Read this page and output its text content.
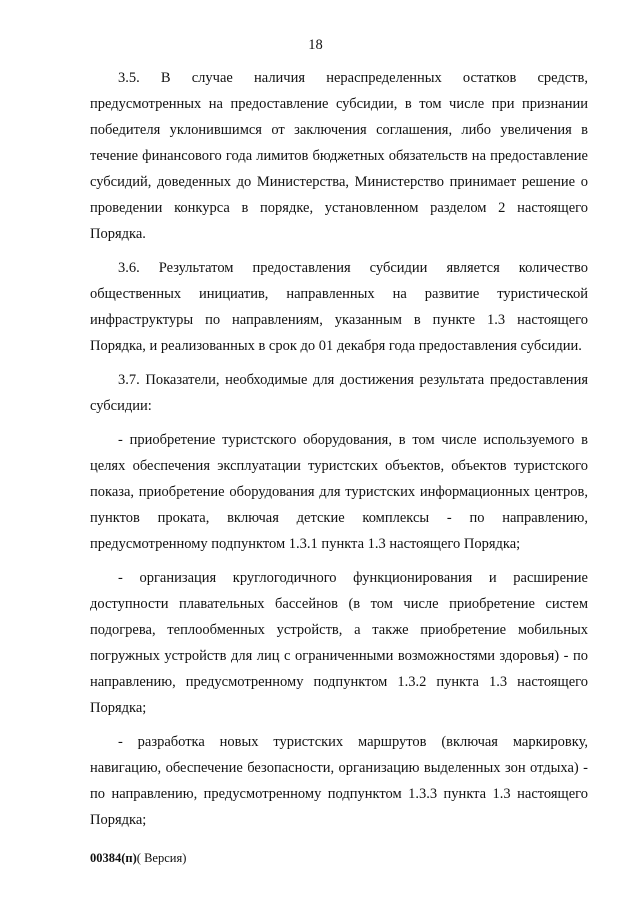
18

3.5. В случае наличия нераспределенных остатков средств, предусмотренных на предоставление субсидии, в том числе при признании победителя уклонившимся от заключения соглашения, либо увеличения в течение финансового года лимитов бюджетных обязательств на предоставление субсидий, доведенных до Министерства, Министерство принимает решение о проведении конкурса в порядке, установленном разделом 2 настоящего Порядка.

3.6. Результатом предоставления субсидии является количество общественных инициатив, направленных на развитие туристической инфраструктуры по направлениям, указанным в пункте 1.3 настоящего Порядка, и реализованных в срок до 01 декабря года предоставления субсидии.

3.7. Показатели, необходимые для достижения результата предоставления субсидии:

- приобретение туристского оборудования, в том числе используемого в целях обеспечения эксплуатации туристских объектов, объектов туристского показа, приобретение оборудования для туристских информационных центров, пунктов проката, включая детские комплексы - по направлению, предусмотренному подпунктом 1.3.1 пункта 1.3 настоящего Порядка;

- организация круглогодичного функционирования и расширение доступности плавательных бассейнов (в том числе приобретение систем подогрева, теплообменных устройств, а также приобретение мобильных погружных устройств для лиц с ограниченными возможностями здоровья) - по направлению, предусмотренному подпунктом 1.3.2 пункта 1.3 настоящего Порядка;

- разработка новых туристских маршрутов (включая маркировку, навигацию, обеспечение безопасности, организацию выделенных зон отдыха) - по направлению, предусмотренному подпунктом 1.3.3 пункта 1.3 настоящего Порядка;

00384(п)( Версия)
